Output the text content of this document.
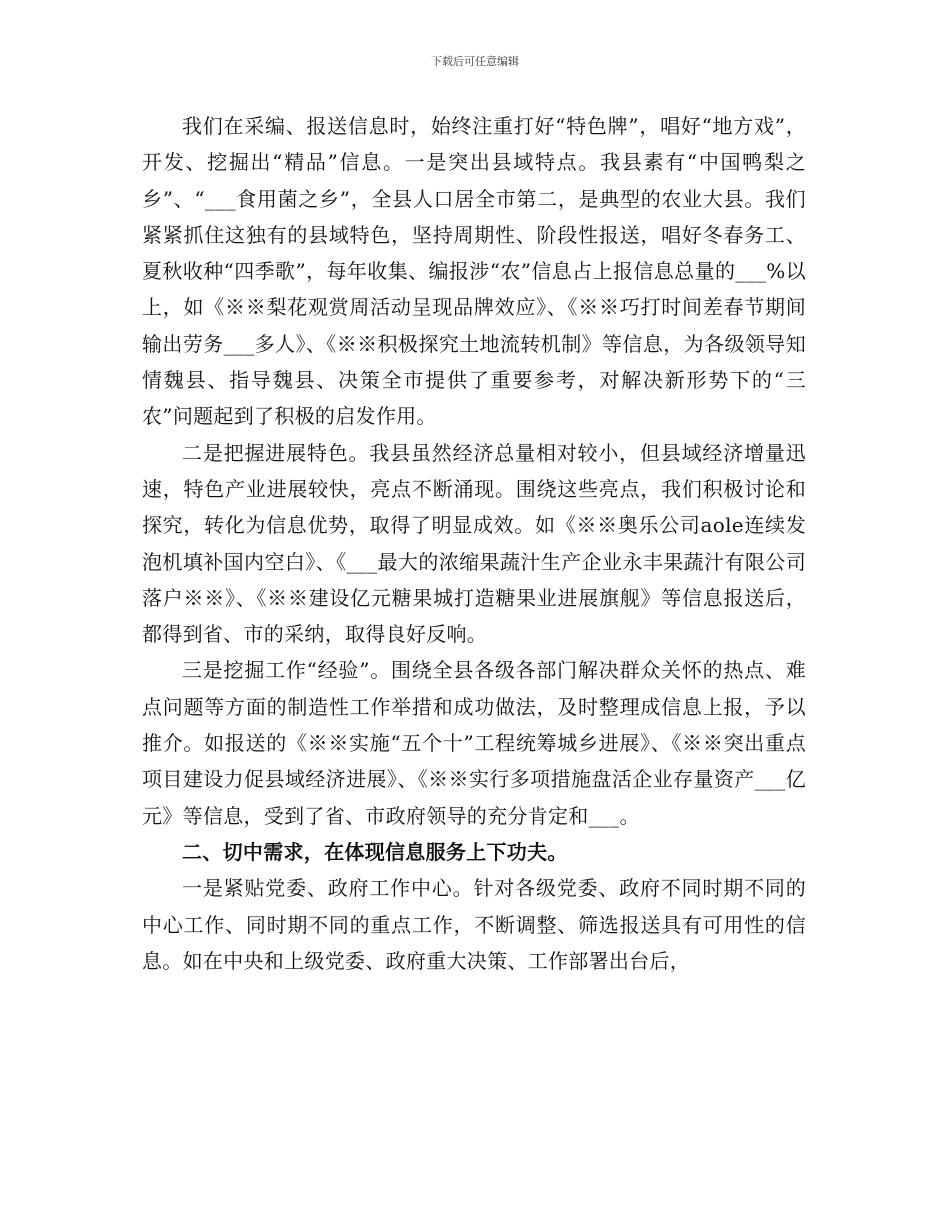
下载后可任意编辑

我们在采编、报送信息时，始终注重打好“特色牌”，唱好“地方戏”，开发、挖掘出“精品”信息。一是突出县域特点。我县素有“中国鸭梨之乡”、“___食用菌之乡”，全县人口居全市第二，是典型的农业大县。我们紧紧抓住这独有的县域特色，坚持周期性、阶段性报送，唱好冬春务工、夏秋收种“四季歌”，每年收集、编报涉“农”信息占上报信息总量的___%以上，如《※※梨花观赏周活动呈现品牌效应》、《※※巧打时间差春节期间输出劳务___多人》、《※※积极探究土地流转机制》等信息，为各级领导知情魏县、指导魏县、决策全市提供了重要参考，对解决新形势下的“三农”问题起到了积极的启发作用。

二是把握进展特色。我县虽然经济总量相对较小，但县域经济增量迅速，特色产业进展较快，亮点不断涌现。围绕这些亮点，我们积极讨论和探究，转化为信息优势，取得了明显成效。如《※※奥乐公司aole连续发泡机填补国内空白》、《___最大的浓缩果蔬汁生产企业永丰果蔬汁有限公司落户※※》、《※※建设亿元糖果城打造糖果业进展旗舰》等信息报送后，都得到省、市的采纳，取得良好反响。

三是挖掘工作“经验”。围绕全县各级各部门解决群众关怀的热点、难点问题等方面的制造性工作举措和成功做法，及时整理成信息上报，予以推介。如报送的《※※实施“五个十”工程统筹城乡进展》、《※※突出重点项目建设力促县域经济进展》、《※※实行多项措施盘活企业存量资产___亿元》等信息，受到了省、市政府领导的充分肯定和___。

二、切中需求，在体现信息服务上下功夫。

一是紧贴党委、政府工作中心。针对各级党委、政府不同时期不同的中心工作、同时期不同的重点工作，不断调整、筛选报送具有可用性的信息。如在中央和上级党委、政府重大决策、工作部署出台后，
